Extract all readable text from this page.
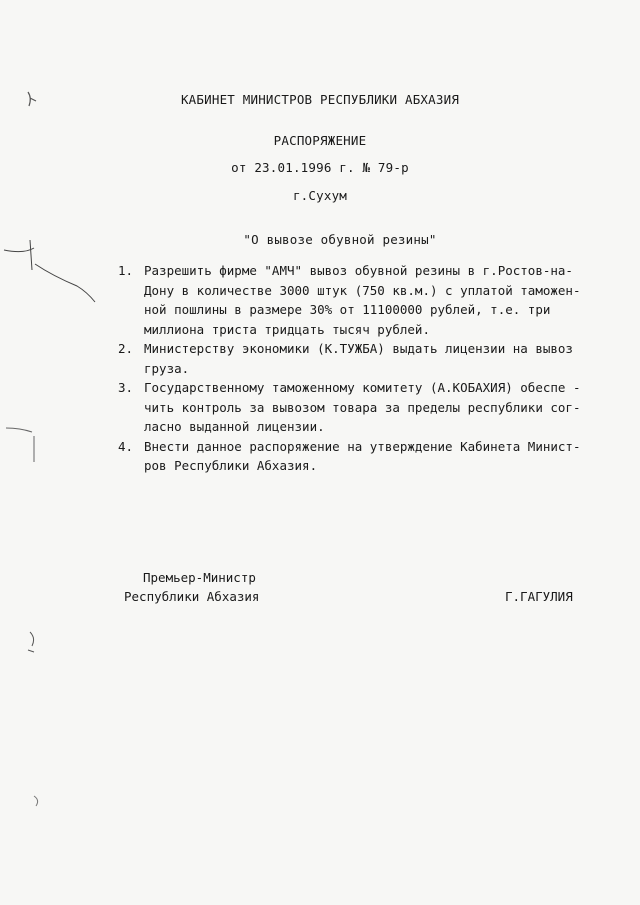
КАБИНЕТ МИНИСТРОВ РЕСПУБЛИКИ АБХАЗИЯ
РАСПОРЯЖЕНИЕ
от 23.01.1996 г. № 79-р
г.Сухум
"О вывозе обувной резины"
1. Разрешить фирме "АМЧ" вывоз обувной резины в г.Ростов-на-
Дону в количестве 3000 штук (750 кв.м.) с уплатой таможен-
ной пошлины в размере 30% от 11100000 рублей, т.е. три
миллиона триста тридцать тысяч рублей.
2. Министерству экономики (К.ТУЖБА) выдать лицензии на вывоз
груза.
3. Государственному таможенному комитету (А.КОБАХИЯ) обеспе -
чить контроль за вывозом товара за пределы республики сог-
ласно выданной лицензии.
4. Внести данное распоряжение на утверждение Кабинета Минист-
ров Республики Абхазия.
Премьер-Министр
Республики Абхазия	Г.ГАГУЛИЯ
